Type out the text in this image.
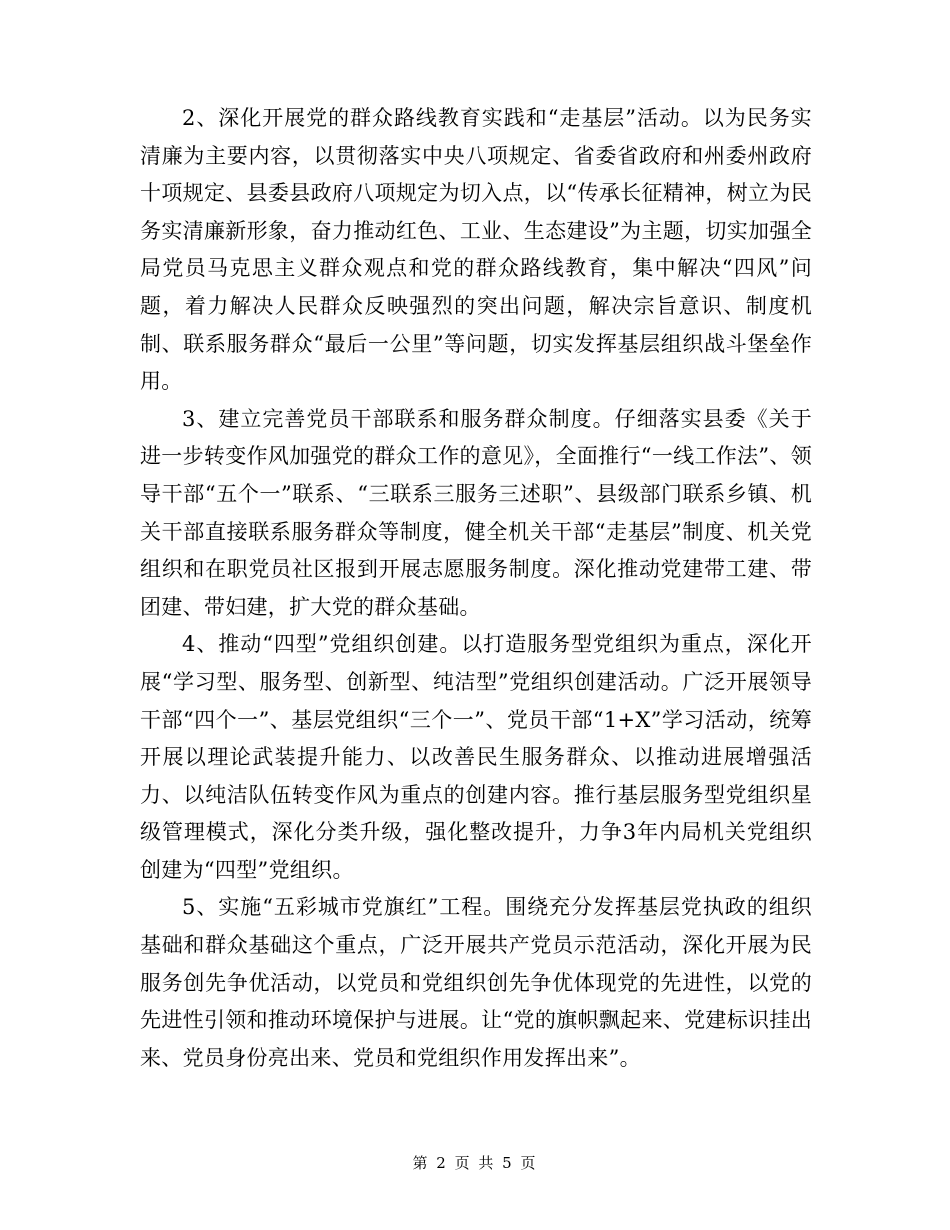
2、深化开展党的群众路线教育实践和“走基层”活动。以为民务实清廉为主要内容，以贯彻落实中央八项规定、省委省政府和州委州政府十项规定、县委县政府八项规定为切入点，以“传承长征精神，树立为民务实清廉新形象，奋力推动红色、工业、生态建设”为主题，切实加强全局党员马克思主义群众观点和党的群众路线教育，集中解决“四风”问题，着力解决人民群众反映强烈的突出问题，解决宗旨意识、制度机制、联系服务群众“最后一公里”等问题，切实发挥基层组织战斗堡垒作用。

3、建立完善党员干部联系和服务群众制度。仔细落实县委《关于进一步转变作风加强党的群众工作的意见》，全面推行“一线工作法”、领导干部“五个一”联系、“三联系三服务三述职”、县级部门联系乡镇、机关干部直接联系服务群众等制度，健全机关干部“走基层”制度、机关党组织和在职党员社区报到开展志愿服务制度。深化推动党建带工建、带团建、带妇建，扩大党的群众基础。

4、推动“四型”党组织创建。以打造服务型党组织为重点，深化开展“学习型、服务型、创新型、纯洁型”党组织创建活动。广泛开展领导干部“四个一”、基层党组织“三个一”、党员干部“1+X”学习活动，统筹开展以理论武装提升能力、以改善民生服务群众、以推动进展增强活力、以纯洁队伍转变作风为重点的创建内容。推行基层服务型党组织星级管理模式，深化分类升级，强化整改提升，力争3年内局机关党组织创建为“四型”党组织。

5、实施“五彩城市党旗红”工程。围绕充分发挥基层党执政的组织基础和群众基础这个重点，广泛开展共产党员示范活动，深化开展为民服务创先争优活动，以党员和党组织创先争优体现党的先进性，以党的先进性引领和推动环境保护与进展。让“党的旗帜飘起来、党建标识挂出来、党员身份亮出来、党员和党组织作用发挥出来”。

第 2 页 共 5 页
